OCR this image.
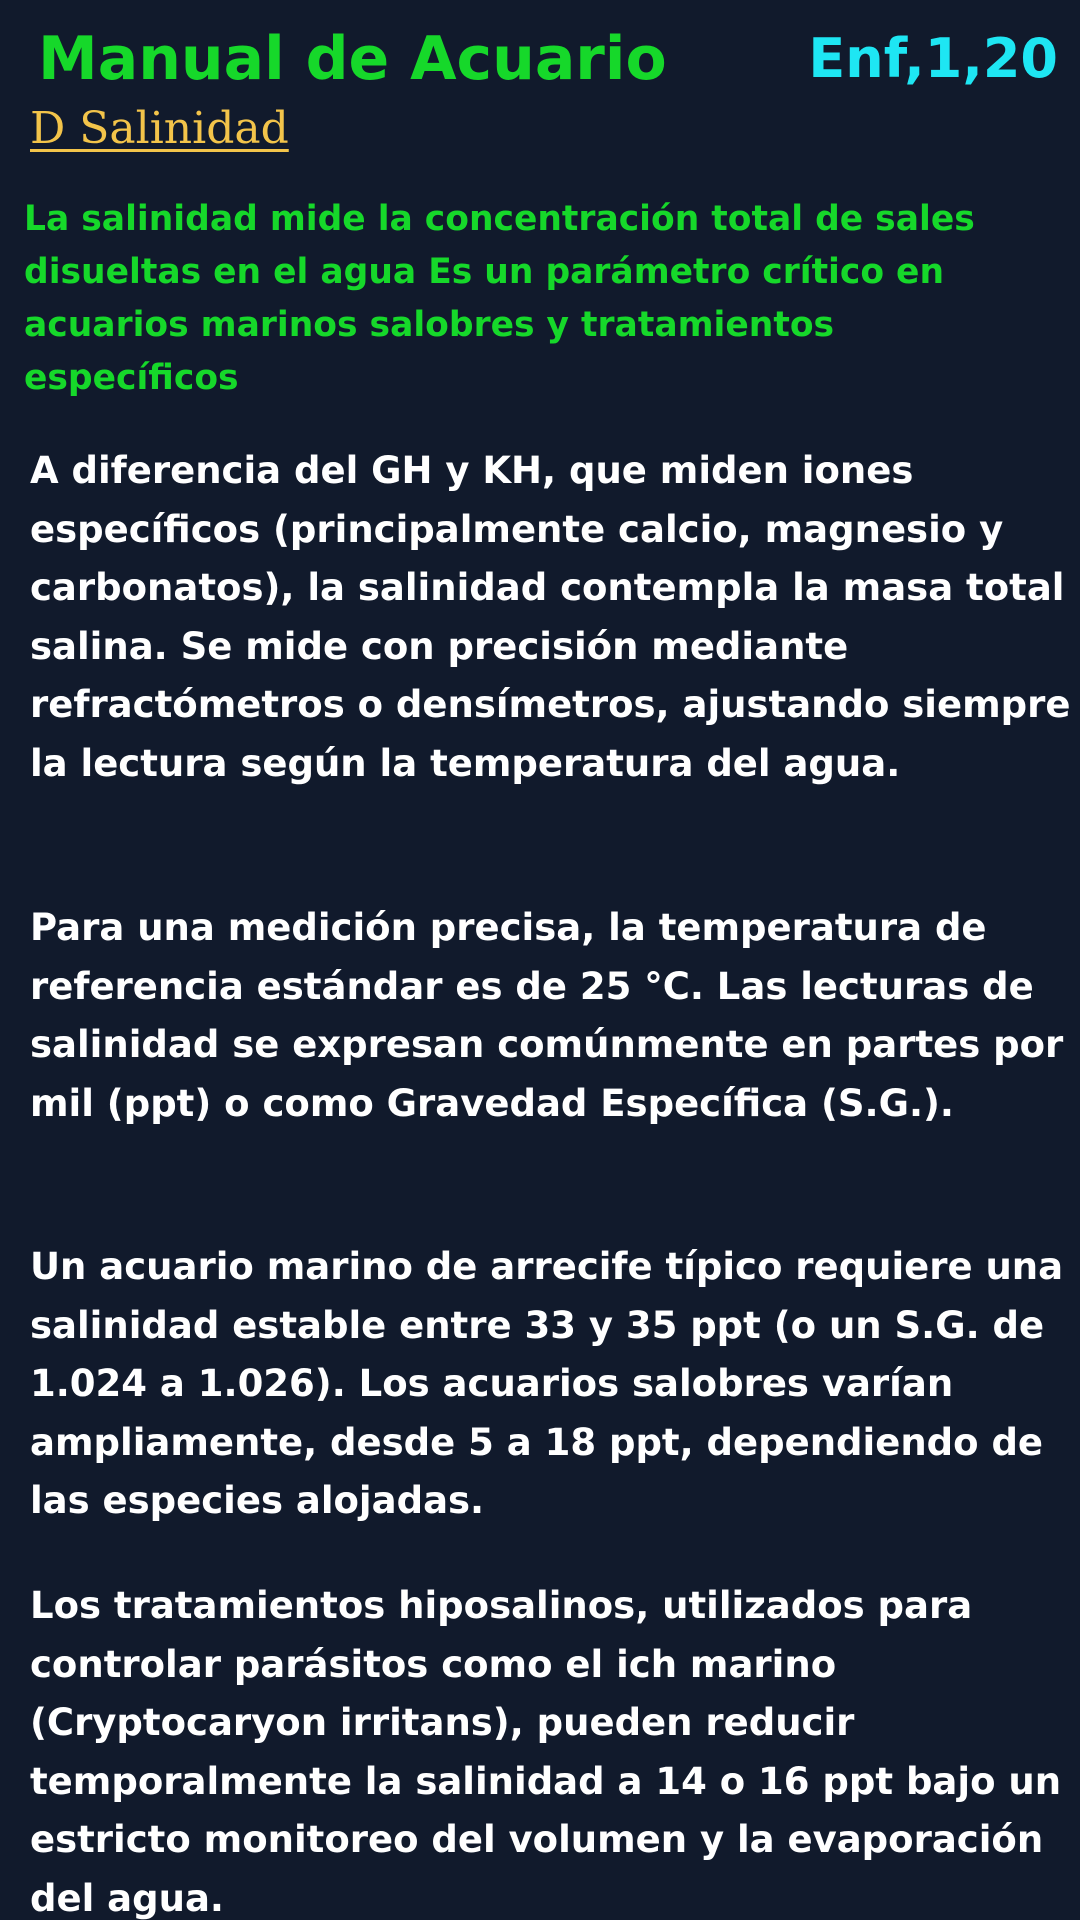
Manual de Acuario	Enf,1,20
D Salinidad

La salinidad mide la concentración total de sales disueltas en el agua Es un parámetro crítico en acuarios marinos salobres y tratamientos específicos

A diferencia del GH y KH, que miden iones específicos (principalmente calcio, magnesio y carbonatos), la salinidad contempla la masa total salina. Se mide con precisión mediante refractómetros o densímetros, ajustando siempre la lectura según la temperatura del agua.

Para una medición precisa, la temperatura de referencia estándar es de 25 °C. Las lecturas de salinidad se expresan comúnmente en partes por mil (ppt) o como Gravedad Específica (S.G.).

Un acuario marino de arrecife típico requiere una salinidad estable entre 33 y 35 ppt (o un S.G. de 1.024 a 1.026). Los acuarios salobres varían ampliamente, desde 5 a 18 ppt, dependiendo de las especies alojadas.

Los tratamientos hiposalinos, utilizados para controlar parásitos como el ich marino (Cryptocaryon irritans), pueden reducir temporalmente la salinidad a 14 o 16 ppt bajo un estricto monitoreo del volumen y la evaporación del agua.
